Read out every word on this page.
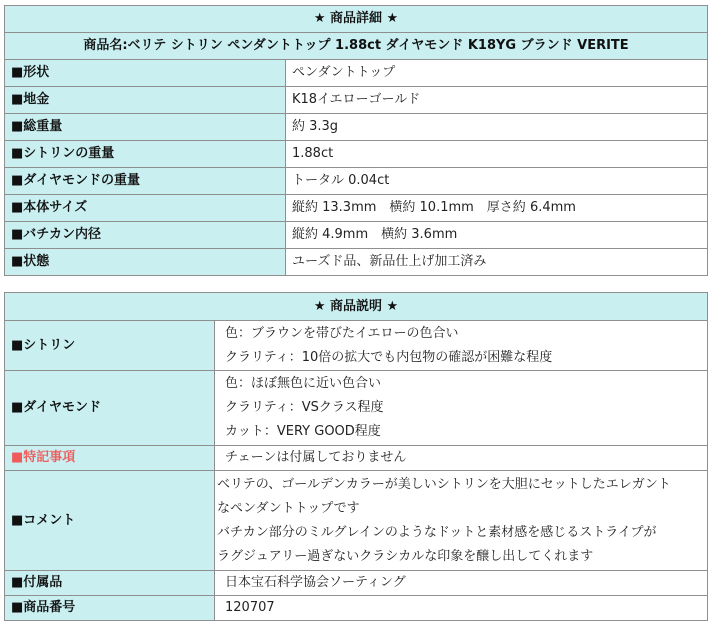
★ 商品詳細 ★	
商品名:ベリテ シトリン ペンダントトップ 1.88ct ダイヤモンド K18YG ブランド VERITE	
■形状	ペンダントトップ
■地金	K18イエローゴールド
■総重量	約 3.3g
■シトリンの重量	1.88ct
■ダイヤモンドの重量	トータル 0.04ct
■本体サイズ	縦約 13.3mm　横約 10.1mm　厚さ約 6.4mm
■バチカン内径	縦約 4.9mm　横約 3.6mm
■状態	ユーズド品、新品仕上げ加工済み
★ 商品説明 ★	
■シトリン	色：ブラウンを帯びたイエローの色合い
クラリティ：10倍の拡大でも内包物の確認が困難な程度

■ダイヤモンド	色：ほぼ無色に近い色合い
クラリティ：VSクラス程度
カット：VERY GOOD程度

■特記事項	チェーンは付属しておりません
■コメント	ベリテの、ゴールデンカラーが美しいシトリンを大胆にセットしたエレガント
なペンダントトップです
バチカン部分のミルグレインのようなドットと素材感を感じるストライプが
ラグジュアリー過ぎないクラシカルな印象を醸し出してくれます

■付属品	日本宝石科学協会ソーティング
■商品番号	120707
